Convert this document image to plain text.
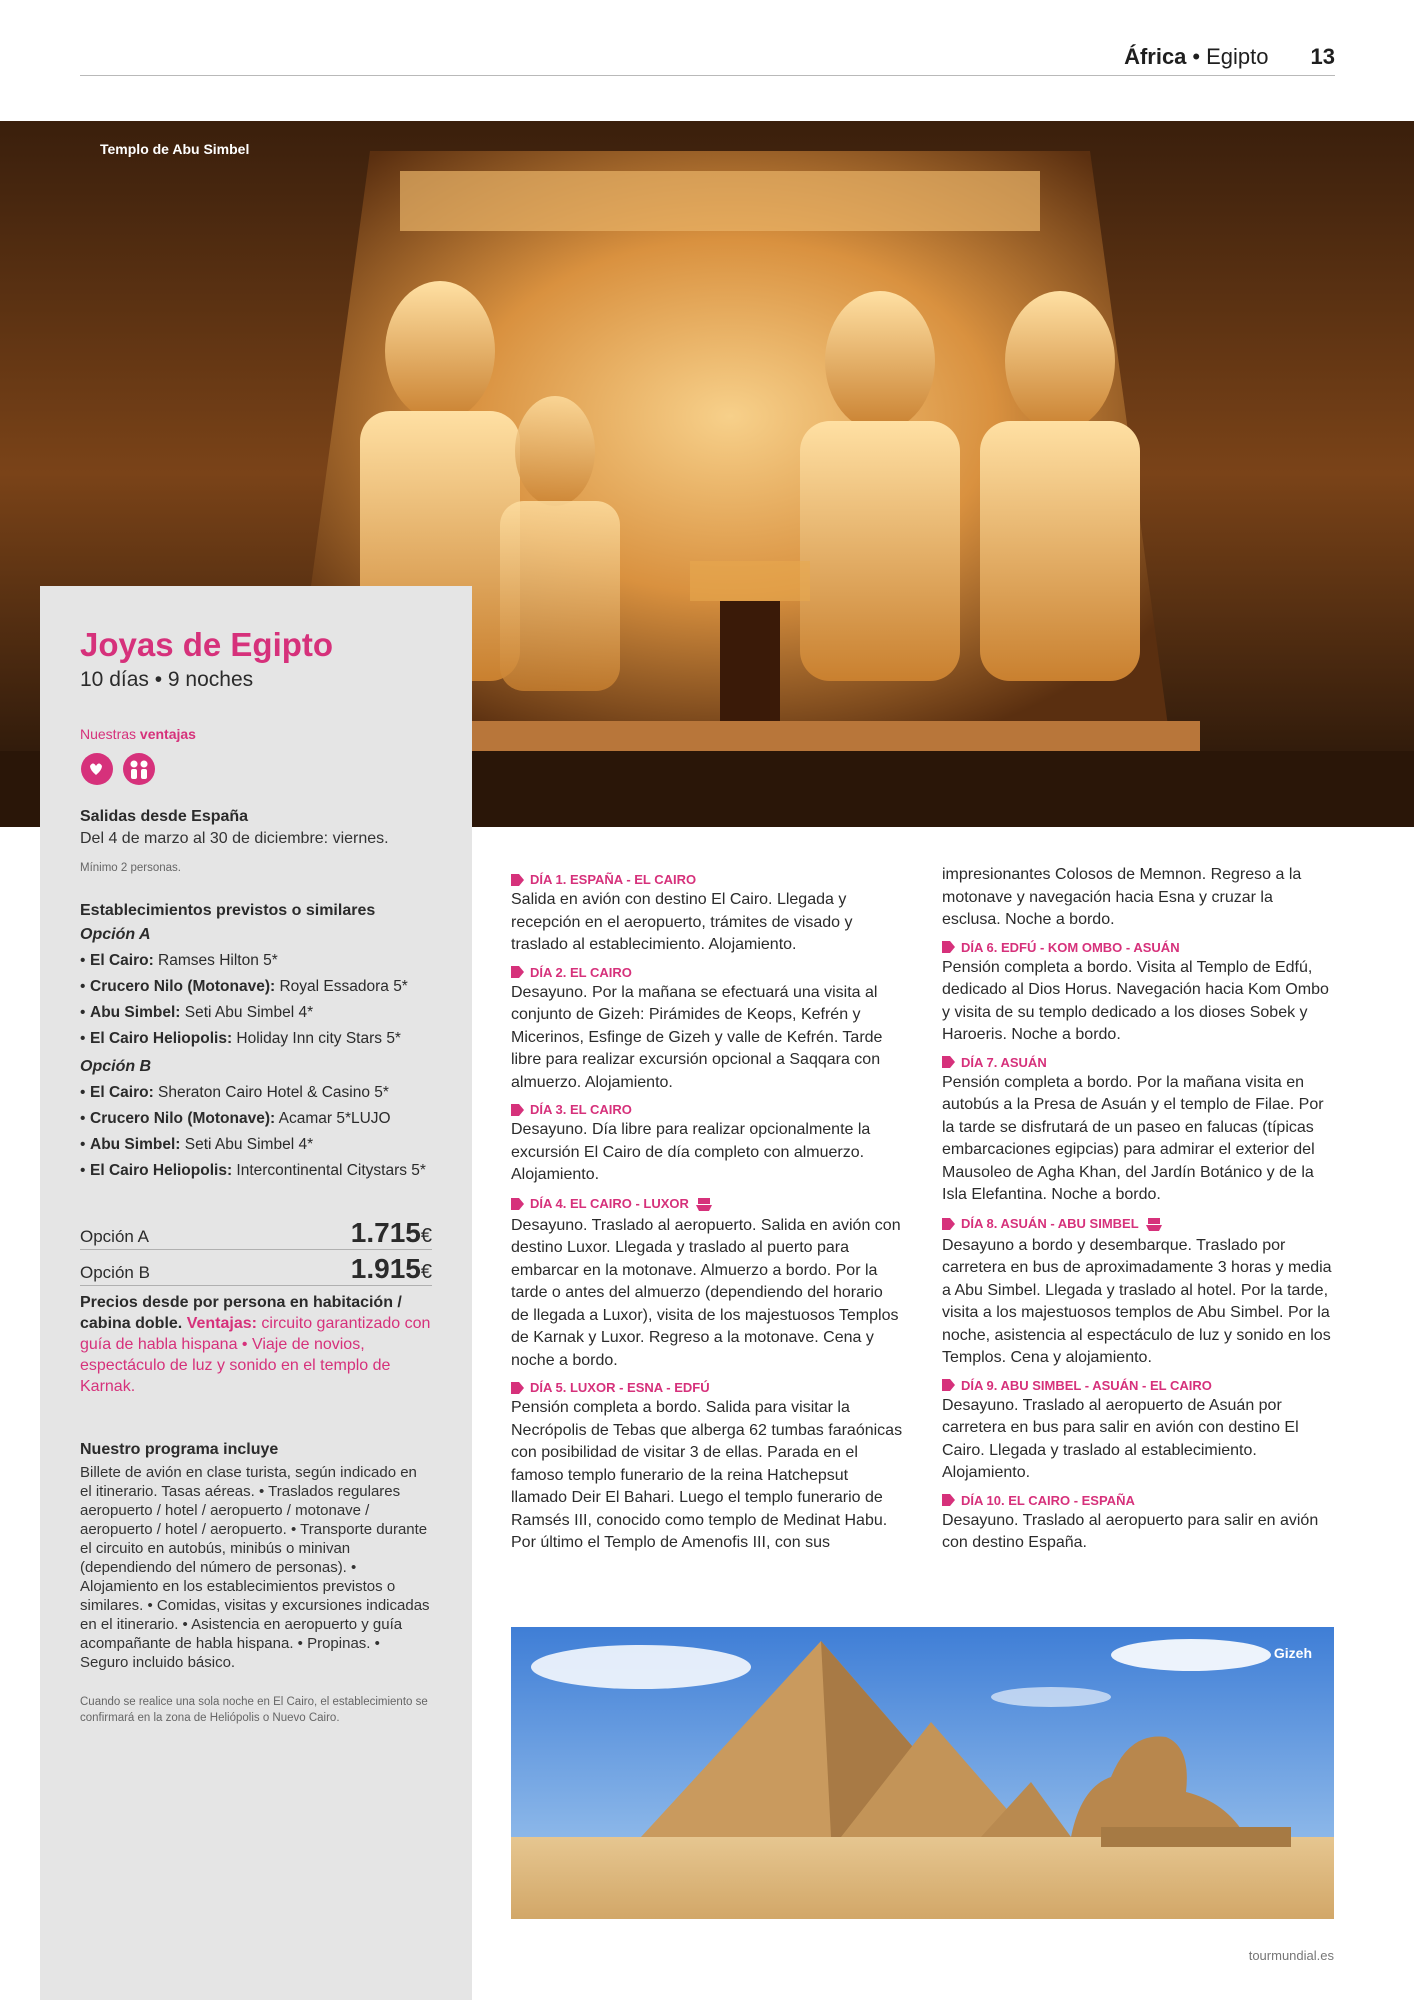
África • Egipto 13
Templo de Abu Simbel
Joyas de Egipto
10 días • 9 noches
Nuestras ventajas
Salidas desde España
Del 4 de marzo al 30 de diciembre: viernes.
Mínimo 2 personas.
Establecimientos previstos o similares
Opción A
• El Cairo: Ramses Hilton 5*
• Crucero Nilo (Motonave): Royal Essadora 5*
• Abu Simbel: Seti Abu Simbel 4*
• El Cairo Heliopolis: Holiday Inn city Stars 5*
Opción B
• El Cairo: Sheraton Cairo Hotel & Casino 5*
• Crucero Nilo (Motonave): Acamar 5*LUJO
• Abu Simbel: Seti Abu Simbel 4*
• El Cairo Heliopolis: Intercontinental Citystars 5*
Opción A	1.715€
Opción B	1.915€
Precios desde por persona en habitación / cabina doble. Ventajas: circuito garantizado con guía de habla hispana • Viaje de novios, espectáculo de luz y sonido en el templo de Karnak.
Nuestro programa incluye
Billete de avión en clase turista, según indicado en el itinerario. Tasas aéreas. • Traslados regulares aeropuerto / hotel / aeropuerto / motonave / aeropuerto / hotel / aeropuerto. • Transporte durante el circuito en autobús, minibús o minivan (dependiendo del número de personas). • Alojamiento en los establecimientos previstos o similares. • Comidas, visitas y excursiones indicadas en el itinerario. • Asistencia en aeropuerto y guía acompañante de habla hispana. • Propinas. • Seguro incluido básico.
Cuando se realice una sola noche en El Cairo, el establecimiento se confirmará en la zona de Heliópolis o Nuevo Cairo.
DÍA 1. ESPAÑA - EL CAIRO
Salida en avión con destino El Cairo. Llegada y recepción en el aeropuerto, trámites de visado y traslado al establecimiento. Alojamiento.
DÍA 2. EL CAIRO
Desayuno. Por la mañana se efectuará una visita al conjunto de Gizeh: Pirámides de Keops, Kefrén y Micerinos, Esfinge de Gizeh y valle de Kefrén. Tarde libre para realizar excursión opcional a Saqqara con almuerzo. Alojamiento.
DÍA 3. EL CAIRO
Desayuno. Día libre para realizar opcionalmente la excursión El Cairo de día completo con almuerzo. Alojamiento.
DÍA 4. EL CAIRO - LUXOR
Desayuno. Traslado al aeropuerto. Salida en avión con destino Luxor. Llegada y traslado al puerto para embarcar en la motonave. Almuerzo a bordo. Por la tarde o antes del almuerzo (dependiendo del horario de llegada a Luxor), visita de los majestuosos Templos de Karnak y Luxor. Regreso a la motonave. Cena y noche a bordo.
DÍA 5. LUXOR - ESNA - EDFÚ
Pensión completa a bordo. Salida para visitar la Necrópolis de Tebas que alberga 62 tumbas faraónicas con posibilidad de visitar 3 de ellas. Parada en el famoso templo funerario de la reina Hatchepsut llamado Deir El Bahari. Luego el templo funerario de Ramsés III, conocido como templo de Medinat Habu. Por último el Templo de Amenofis III, con sus
impresionantes Colosos de Memnon. Regreso a la motonave y navegación hacia Esna y cruzar la esclusa. Noche a bordo.
DÍA 6. EDFÚ - KOM OMBO - ASUÁN
Pensión completa a bordo. Visita al Templo de Edfú, dedicado al Dios Horus. Navegación hacia Kom Ombo y visita de su templo dedicado a los dioses Sobek y Haroeris. Noche a bordo.
DÍA 7. ASUÁN
Pensión completa a bordo. Por la mañana visita en autobús a la Presa de Asuán y el templo de Filae. Por la tarde se disfrutará de un paseo en falucas (típicas embarcaciones egipcias) para admirar el exterior del Mausoleo de Agha Khan, del Jardín Botánico y de la Isla Elefantina. Noche a bordo.
DÍA 8. ASUÁN - ABU SIMBEL
Desayuno a bordo y desembarque. Traslado por carretera en bus de aproximadamente 3 horas y media a Abu Simbel. Llegada y traslado al hotel. Por la tarde, visita a los majestuosos templos de Abu Simbel. Por la noche, asistencia al espectáculo de luz y sonido en los Templos. Cena y alojamiento.
DÍA 9. ABU SIMBEL - ASUÁN - EL CAIRO
Desayuno. Traslado al aeropuerto de Asuán por carretera en bus para salir en avión con destino El Cairo. Llegada y traslado al establecimiento. Alojamiento.
DÍA 10. EL CAIRO - ESPAÑA
Desayuno. Traslado al aeropuerto para salir en avión con destino España.
Gizeh
tourmundial.es
